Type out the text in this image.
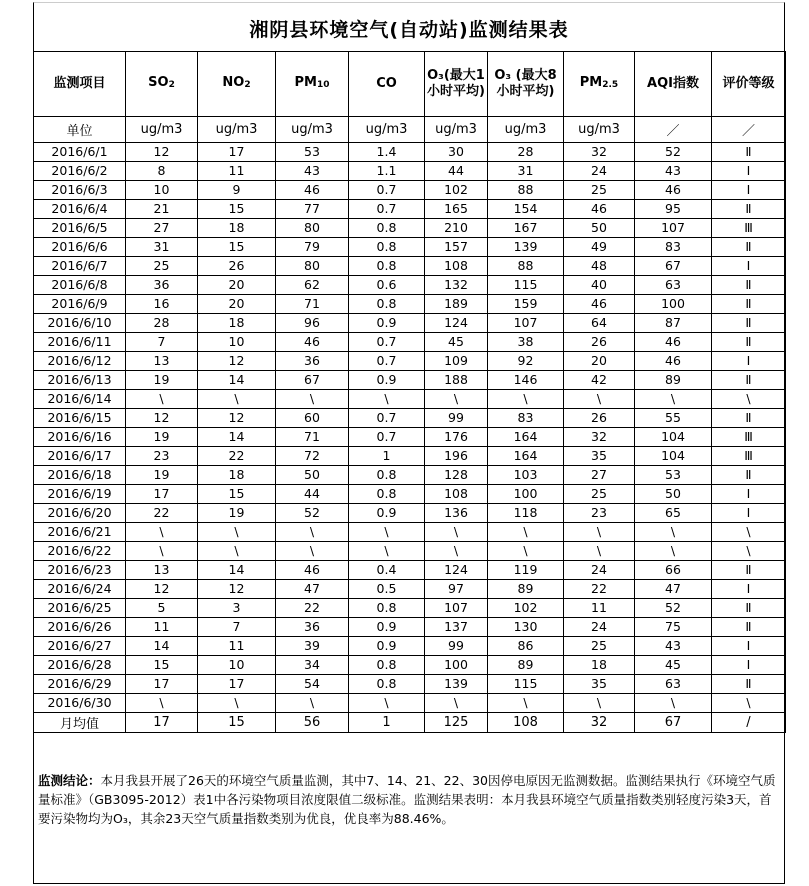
湘阴县环境空气(自动站)监测结果表
监测项目	$SO_2$	$NO_2$	$PM_{10}$	CO	O₃(最大1小时平均)	O₃ (最大8小时平均)	$PM_{2.5}$	AQI指数	评价等级
单位	ug/m3	ug/m3	ug/m3	ug/m3	ug/m3	ug/m3	ug/m3	／	／
2016/6/1	12	17	53	1.4	30	28	32	52	Ⅱ
2016/6/2	8	11	43	1.1	44	31	24	43	Ⅰ
2016/6/3	10	9	46	0.7	102	88	25	46	Ⅰ
2016/6/4	21	15	77	0.7	165	154	46	95	Ⅱ
2016/6/5	27	18	80	0.8	210	167	50	107	Ⅲ
2016/6/6	31	15	79	0.8	157	139	49	83	Ⅱ
2016/6/7	25	26	80	0.8	108	88	48	67	Ⅰ
2016/6/8	36	20	62	0.6	132	115	40	63	Ⅱ
2016/6/9	16	20	71	0.8	189	159	46	100	Ⅱ
2016/6/10	28	18	96	0.9	124	107	64	87	Ⅱ
2016/6/11	7	10	46	0.7	45	38	26	46	Ⅱ
2016/6/12	13	12	36	0.7	109	92	20	46	Ⅰ
2016/6/13	19	14	67	0.9	188	146	42	89	Ⅱ
2016/6/14	\	\	\	\	\	\	\	\	\
2016/6/15	12	12	60	0.7	99	83	26	55	Ⅱ
2016/6/16	19	14	71	0.7	176	164	32	104	Ⅲ
2016/6/17	23	22	72	1	196	164	35	104	Ⅲ
2016/6/18	19	18	50	0.8	128	103	27	53	Ⅱ
2016/6/19	17	15	44	0.8	108	100	25	50	Ⅰ
2016/6/20	22	19	52	0.9	136	118	23	65	Ⅰ
2016/6/21	\	\	\	\	\	\	\	\	\
2016/6/22	\	\	\	\	\	\	\	\	\
2016/6/23	13	14	46	0.4	124	119	24	66	Ⅱ
2016/6/24	12	12	47	0.5	97	89	22	47	Ⅰ
2016/6/25	5	3	22	0.8	107	102	11	52	Ⅱ
2016/6/26	11	7	36	0.9	137	130	24	75	Ⅱ
2016/6/27	14	11	39	0.9	99	86	25	43	Ⅰ
2016/6/28	15	10	34	0.8	100	89	18	45	Ⅰ
2016/6/29	17	17	54	0.8	139	115	35	63	Ⅱ
2016/6/30	\	\	\	\	\	\	\	\	\
月均值	17	15	56	1	125	108	32	67	/
监测结论：本月我县开展了26天的环境空气质量监测，其中7、14、21、22、30因停电原因无监测数据。监测结果执行《环境空气质量标准》（GB3095-2012）表1中各污染物项目浓度限值二级标准。监测结果表明：本月我县环境空气质量指数类别轻度污染3天，首要污染物均为O₃，其余23天空气质量指数类别为优良，优良率为88.46%。
